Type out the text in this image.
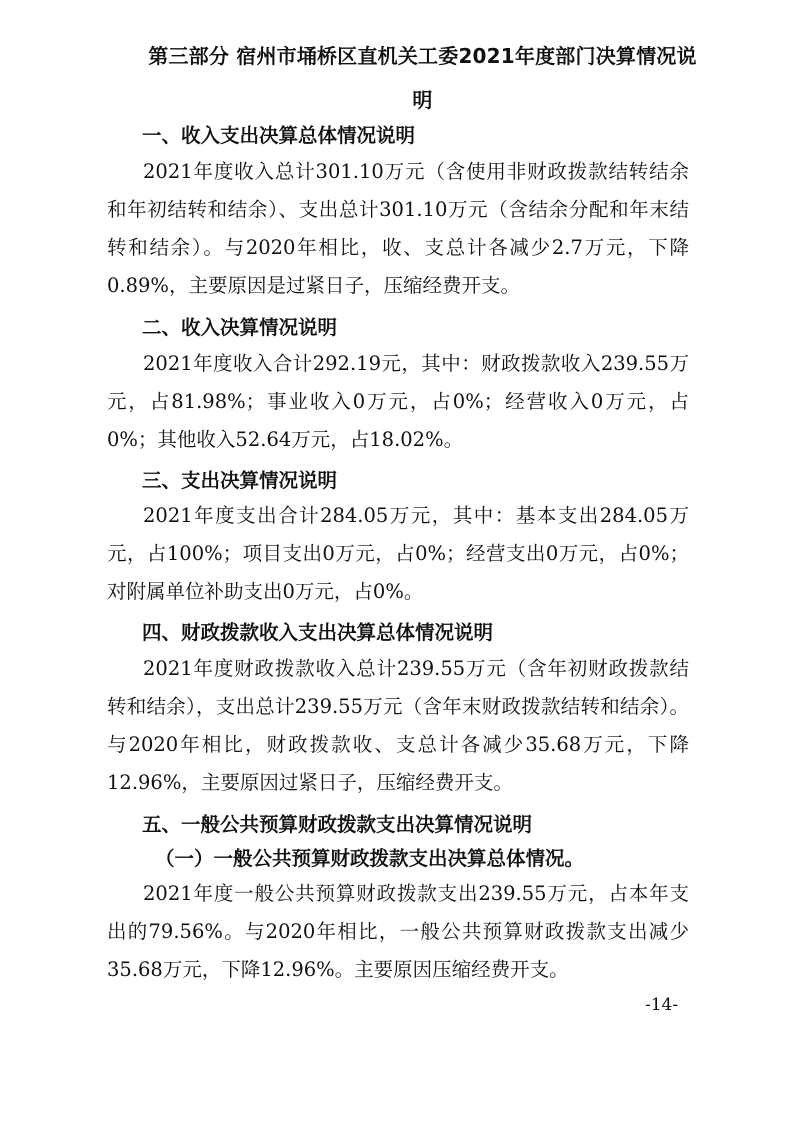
第三部分 宿州市埇桥区直机关工委2021年度部门决算情况说明
一、收入支出决算总体情况说明
2021年度收入总计301.10万元（含使用非财政拨款结转结余和年初结转和结余）、支出总计301.10万元（含结余分配和年末结转和结余）。与2020年相比，收、支总计各减少2.7万元，下降0.89%，主要原因是过紧日子，压缩经费开支。
二、收入决算情况说明
2021年度收入合计292.19元，其中：财政拨款收入239.55万元，占81.98%；事业收入0万元，占0%；经营收入0万元，占0%；其他收入52.64万元，占18.02%。
三、支出决算情况说明
2021年度支出合计284.05万元，其中：基本支出284.05万元，占100%；项目支出0万元，占0%；经营支出0万元，占0%；对附属单位补助支出0万元，占0%。
四、财政拨款收入支出决算总体情况说明
2021年度财政拨款收入总计239.55万元（含年初财政拨款结转和结余），支出总计239.55万元（含年末财政拨款结转和结余）。与2020年相比，财政拨款收、支总计各减少35.68万元，下降12.96%，主要原因过紧日子，压缩经费开支。
五、一般公共预算财政拨款支出决算情况说明
（一）一般公共预算财政拨款支出决算总体情况。
2021年度一般公共预算财政拨款支出239.55万元，占本年支出的79.56%。与2020年相比，一般公共预算财政拨款支出减少35.68万元，下降12.96%。主要原因压缩经费开支。
-14-
